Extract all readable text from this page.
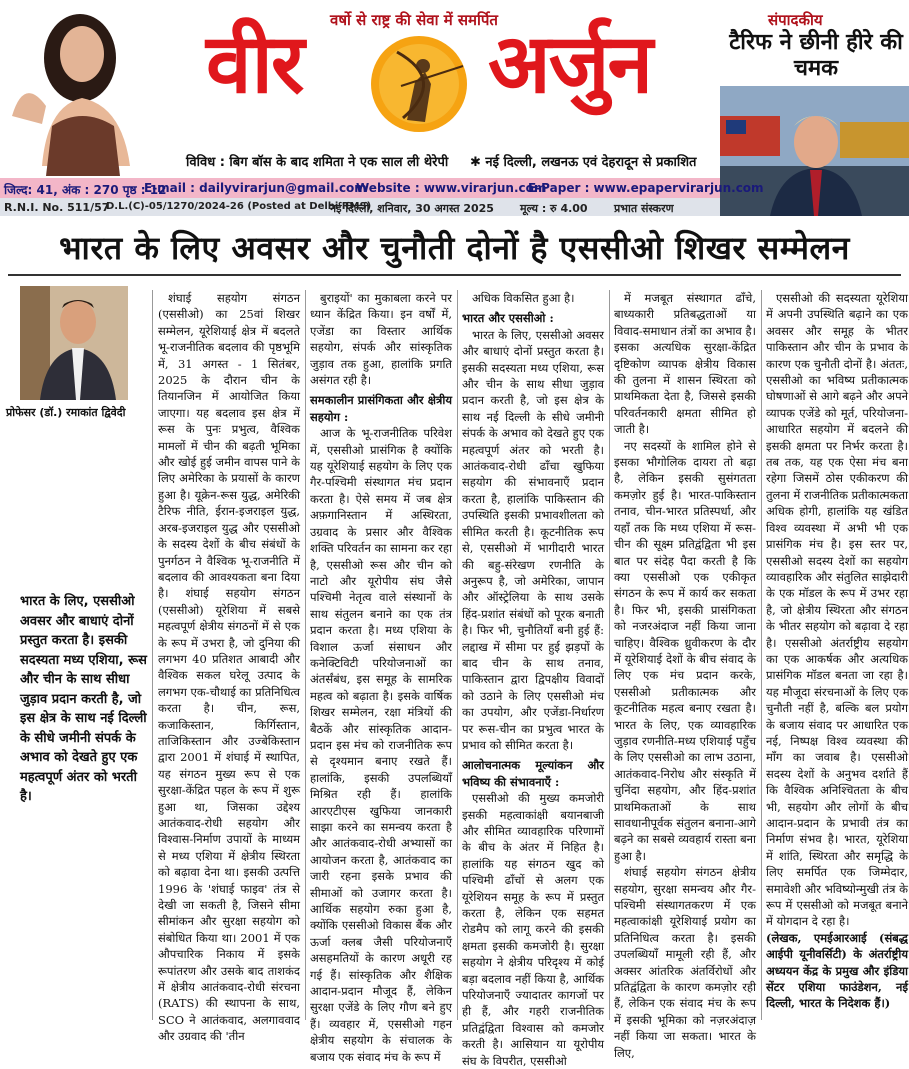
वर्षो से राष्ट्र की सेवा में समर्पित
वीर अर्जुन
विविध : बिग बॉस के बाद शमिता ने एक साल ली थेरेपी ✱ नई दिल्ली, लखनऊ एवं देहरादून से प्रकाशित
संपादकीय
टैरिफ ने छीनी हीरे की चमक
जिल्द: 41, अंक : 270 पृष्ठ : 12
E-mail : dailyvirarjun@gmail.com
Website : www.virarjun.com
E-Paper : www.epapervirarjun.com
R.N.I. No. 511/57
D.L.(C)-05/1270/2024-26 (Posted at Delhi RMS)
नई दिल्ली, शनिवार, 30 अगस्त 2025 मूल्य : रु 4.00 प्रभात संस्करण
भारत के लिए अवसर और चुनौती दोनों है एससीओ शिखर सम्मेलन
प्रोफेसर (डॉ.) रमाकांत द्विवेदी
भारत के लिए, एससीओ अवसर और बाधाएं दोनों प्रस्तुत करता है। इसकी सदस्यता मध्य एशिया, रूस और चीन के साथ सीधा जुड़ाव प्रदान करती है, जो इस क्षेत्र के साथ नई दिल्ली के सीधे जमीनी संपर्क के अभाव को देखते हुए एक महत्वपूर्ण अंतर को भरती है।

शंघाई सहयोग संगठन (एससीओ) का 25वां शिखर सम्मेलन, यूरेशियाई क्षेत्र में बदलते भू-राजनीतिक बदलाव की पृष्ठभूमि में, 31 अगस्त - 1 सितंबर, 2025 के दौरान चीन के तियानजिन में आयोजित किया जाएगा। यह बदलाव इस क्षेत्र में रूस के पुनः प्रभुत्व, वैश्विक मामलों में चीन की बढ़ती भूमिका और खोई हुई जमीन वापस पाने के लिए अमेरिका के प्रयासों के कारण हुआ है। यूक्रेन-रूस युद्ध, अमेरिकी टैरिफ नीति, ईरान-इजराइल युद्ध, अरब-इजराइल युद्ध और एससीओ के सदस्य देशों के बीच संबंधों के पुनर्गठन ने वैश्विक भू-राजनीति में बदलाव की आवश्यकता बना दिया है। शंघाई सहयोग संगठन (एससीओ) यूरेशिया में सबसे महत्वपूर्ण क्षेत्रीय संगठनों में से एक के रूप में उभरा है, जो दुनिया की लगभग 40 प्रतिशत आबादी और वैश्विक सकल घरेलू उत्पाद के लगभग एक-चौथाई का प्रतिनिधित्व करता है। चीन, रूस, कजाकिस्तान, किर्गिस्तान, ताजिकिस्तान और उज्बेकिस्तान द्वारा 2001 में शंघाई में स्थापित, यह संगठन मुख्य रूप से एक सुरक्षा-केंद्रित पहल के रूप में शुरू हुआ था, जिसका उद्देश्य आतंकवाद-रोधी सहयोग और विश्वास-निर्माण उपायों के माध्यम से मध्य एशिया में क्षेत्रीय स्थिरता को बढ़ावा देना था। इसकी उत्पत्ति 1996 के 'शंघाई फाइव' तंत्र से देखी जा सकती है, जिसने सीमा सीमांकन और सुरक्षा सहयोग को संबोधित किया था। 2001 में एक औपचारिक निकाय में इसके रूपांतरण और उसके बाद ताशकंद में क्षेत्रीय आतंकवाद-रोधी संरचना (RATS) की स्थापना के साथ, SCO ने आतंकवाद, अलगाववाद और उग्रवाद की 'तीन

बुराइयों' का मुकाबला करने पर ध्यान केंद्रित किया। इन वर्षों में, एजेंडा का विस्तार आर्थिक सहयोग, संपर्क और सांस्कृतिक जुड़ाव तक हुआ, हालांकि प्रगति असंगत रही है।

समकालीन प्रासंगिकता और क्षेत्रीय सहयोग :

आज के भू-राजनीतिक परिवेश में, एससीओ प्रासंगिक है क्योंकि यह यूरेशियाई सहयोग के लिए एक गैर-पश्चिमी संस्थागत मंच प्रदान करता है। ऐसे समय में जब क्षेत्र अफ़गानिस्तान में अस्थिरता, उग्रवाद के प्रसार और वैश्विक शक्ति परिवर्तन का सामना कर रहा है, एससीओ रूस और चीन को नाटो और यूरोपीय संघ जैसे पश्चिमी नेतृत्व वाले संस्थानों के साथ संतुलन बनाने का एक तंत्र प्रदान करता है। मध्य एशिया के विशाल ऊर्जा संसाधन और कनेक्टिविटी परियोजनाओं का अंतर्संबंध, इस समूह के सामरिक महत्व को बढ़ाता है। इसके वार्षिक शिखर सम्मेलन, रक्षा मंत्रियों की बैठकें और सांस्कृतिक आदान-प्रदान इस मंच को राजनीतिक रूप से दृश्यमान बनाए रखते हैं। हालांकि, इसकी उपलब्धियाँ मिश्रित रही हैं। हालांकि आरएटीएस खुफिया जानकारी साझा करने का समन्वय करता है और आतंकवाद-रोधी अभ्यासों का आयोजन करता है, आतंकवाद का जारी रहना इसके प्रभाव की सीमाओं को उजागर करता है। आर्थिक सहयोग रुका हुआ है, क्योंकि एससीओ विकास बैंक और ऊर्जा क्लब जैसी परियोजनाएँ असहमतियों के कारण अधूरी रह गई हैं। सांस्कृतिक और शैक्षिक आदान-प्रदान मौजूद हैं, लेकिन सुरक्षा एजेंडे के लिए गौण बने हुए हैं। व्यवहार में, एससीओ गहन क्षेत्रीय सहयोग के संचालक के बजाय एक संवाद मंच के रूप में

अधिक विकसित हुआ है।

भारत और एससीओ :

भारत के लिए, एससीओ अवसर और बाधाएं दोनों प्रस्तुत करता है। इसकी सदस्यता मध्य एशिया, रूस और चीन के साथ सीधा जुड़ाव प्रदान करती है, जो इस क्षेत्र के साथ नई दिल्ली के सीधे जमीनी संपर्क के अभाव को देखते हुए एक महत्वपूर्ण अंतर को भरती है। आतंकवाद-रोधी ढाँचा खुफिया सहयोग की संभावनाएँ प्रदान करता है, हालांकि पाकिस्तान की उपस्थिति इसकी प्रभावशीलता को सीमित करती है। कूटनीतिक रूप से, एससीओ में भागीदारी भारत की बहु-संरेखण रणनीति के अनुरूप है, जो अमेरिका, जापान और ऑस्ट्रेलिया के साथ उसके हिंद-प्रशांत संबंधों को पूरक बनाती है। फिर भी, चुनौतियाँ बनी हुई हैं: लद्दाख में सीमा पर हुई झड़पों के बाद चीन के साथ तनाव, पाकिस्तान द्वारा द्विपक्षीय विवादों को उठाने के लिए एससीओ मंच का उपयोग, और एजेंडा-निर्धारण पर रूस-चीन का प्रभुत्व भारत के प्रभाव को सीमित करता है।

आलोचनात्मक मूल्यांकन और भविष्य की संभावनाएँ :

एससीओ की मुख्य कमजोरी इसकी महत्वाकांक्षी बयानबाजी और सीमित व्यावहारिक परिणामों के बीच के अंतर में निहित है। हालांकि यह संगठन खुद को पश्चिमी ढाँचों से अलग एक यूरेशियन समूह के रूप में प्रस्तुत करता है, लेकिन एक सहमत रोडमैप को लागू करने की इसकी क्षमता इसकी कमजोरी है। सुरक्षा सहयोग ने क्षेत्रीय परिदृश्य में कोई बड़ा बदलाव नहीं किया है, आर्थिक परियोजनाएँ ज्यादातर कागजों पर ही हैं, और गहरी राजनीतिक प्रतिद्वंद्विता विश्वास को कमजोर करती है। आसियान या यूरोपीय संघ के विपरीत, एससीओ

में मजबूत संस्थागत ढाँचे, बाध्यकारी प्रतिबद्धताओं या विवाद-समाधान तंत्रों का अभाव है। इसका अत्यधिक सुरक्षा-केंद्रित दृष्टिकोण व्यापक क्षेत्रीय विकास की तुलना में शासन स्थिरता को प्राथमिकता देता है, जिससे इसकी परिवर्तनकारी क्षमता सीमित हो जाती है।

नए सदस्यों के शामिल होने से इसका भौगोलिक दायरा तो बढ़ा है, लेकिन इसकी सुसंगतता कमज़ोर हुई है। भारत-पाकिस्तान तनाव, चीन-भारत प्रतिस्पर्धा, और यहाँ तक कि मध्य एशिया में रूस-चीन की सूक्ष्म प्रतिद्वंद्विता भी इस बात पर संदेह पैदा करती है कि क्या एससीओ एक एकीकृत संगठन के रूप में कार्य कर सकता है। फिर भी, इसकी प्रासंगिकता को नजरअंदाज नहीं किया जाना चाहिए। वैश्विक ध्रुवीकरण के दौर में यूरेशियाई देशों के बीच संवाद के लिए एक मंच प्रदान करके, एससीओ प्रतीकात्मक और कूटनीतिक महत्व बनाए रखता है। भारत के लिए, एक व्यावहारिक जुड़ाव रणनीति-मध्य एशियाई पहुँच के लिए एससीओ का लाभ उठाना, आतंकवाद-निरोध और संस्कृति में चुनिंदा सहयोग, और हिंद-प्रशांत प्राथमिकताओं के साथ सावधानीपूर्वक संतुलन बनाना-आगे बढ़ने का सबसे व्यवहार्य रास्ता बना हुआ है।

शंघाई सहयोग संगठन क्षेत्रीय सहयोग, सुरक्षा समन्वय और गैर-पश्चिमी संस्थागतकरण में एक महत्वाकांक्षी यूरेशियाई प्रयोग का प्रतिनिधित्व करता है। इसकी उपलब्धियाँ मामूली रही हैं, और अक्सर आंतरिक अंतर्विरोधों और प्रतिद्वंद्विता के कारण कमज़ोर रही हैं, लेकिन एक संवाद मंच के रूप में इसकी भूमिका को नज़रअंदाज़ नहीं किया जा सकता। भारत के लिए,

एससीओ की सदस्यता यूरेशिया में अपनी उपस्थिति बढ़ाने का एक अवसर और समूह के भीतर पाकिस्तान और चीन के प्रभाव के कारण एक चुनौती दोनों है। अंततः, एससीओ का भविष्य प्रतीकात्मक घोषणाओं से आगे बढ़ने और अपने व्यापक एजेंडे को मूर्त, परियोजना-आधारित सहयोग में बदलने की इसकी क्षमता पर निर्भर करता है। तब तक, यह एक ऐसा मंच बना रहेगा जिसमें ठोस एकीकरण की तुलना में राजनीतिक प्रतीकात्मकता अधिक होगी, हालांकि यह खंडित विश्व व्यवस्था में अभी भी एक प्रासंगिक मंच है। इस स्तर पर, एससीओ सदस्य देशों का सहयोग व्यावहारिक और संतुलित साझेदारी के एक मॉडल के रूप में उभर रहा है, जो क्षेत्रीय स्थिरता और संगठन के भीतर सहयोग को बढ़ावा दे रहा है। एससीओ अंतर्राष्ट्रीय सहयोग का एक आकर्षक और अत्यधिक प्रासंगिक मॉडल बनता जा रहा है। यह मौजूदा संरचनाओं के लिए एक चुनौती नहीं है, बल्कि बल प्रयोग के बजाय संवाद पर आधारित एक नई, निष्पक्ष विश्व व्यवस्था की माँग का जवाब है। एससीओ सदस्य देशों के अनुभव दर्शाते हैं कि वैश्विक अनिश्चितता के बीच भी, सहयोग और लोगों के बीच आदान-प्रदान के प्रभावी तंत्र का निर्माण संभव है। भारत, यूरेशिया में शांति, स्थिरता और समृद्धि के लिए समर्पित एक जिम्मेदार, समावेशी और भविष्योन्मुखी तंत्र के रूप में एससीओ को मजबूत बनाने में योगदान दे रहा है।

(लेखक, एमईआरआई (संबद्ध आईपी यूनीवर्सिटी) के अंतर्राष्ट्रीय अध्ययन केंद्र के प्रमुख और इंडिया सेंटर एशिया फाउंडेशन, नई दिल्ली, भारत के निदेशक हैं।)
